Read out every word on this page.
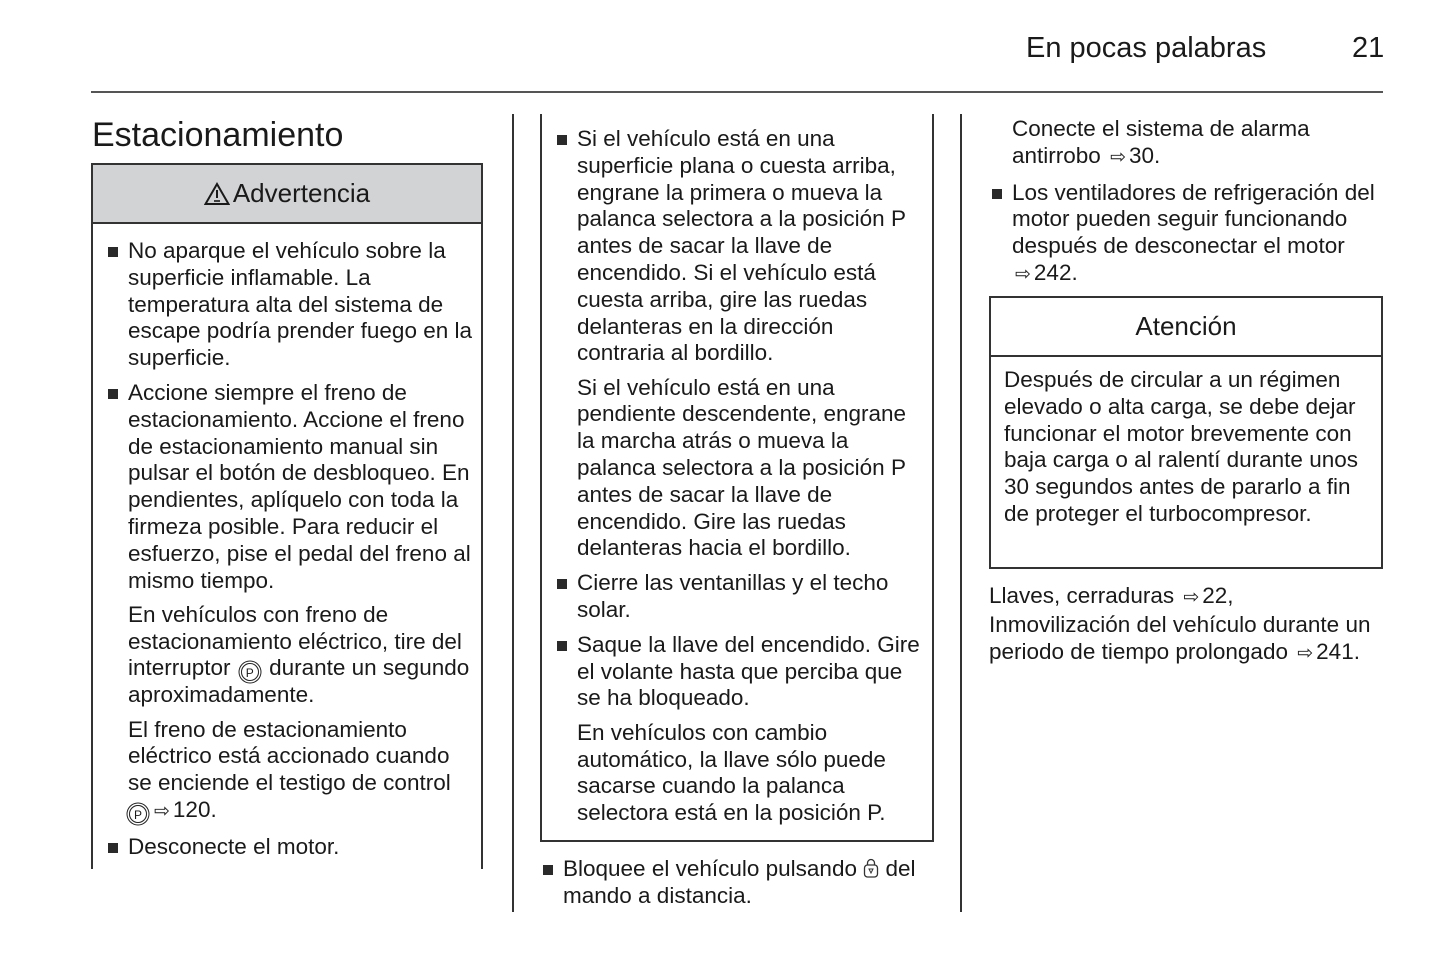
En pocas palabras	21
Estacionamiento
Advertencia

No aparque el vehículo sobre la superficie inflamable. La temperatura alta del sistema de escape podría prender fuego en la superficie.

Accione siempre el freno de estacionamiento. Accione el freno de estacionamiento manual sin pulsar el botón de desbloqueo. En pendientes, aplíquelo con toda la firmeza posible. Para reducir el esfuerzo, pise el pedal del freno al mismo tiempo.

En vehículos con freno de estacionamiento eléctrico, tire del interruptor P durante un segundo aproximadamente.

El freno de estacionamiento eléctrico está accionado cuando se enciende el testigo de control
P ⇨ 120.

Desconecte el motor.

Si el vehículo está en una superficie plana o cuesta arriba, engrane la primera o mueva la palanca selectora a la posición P antes de sacar la llave de encendido. Si el vehículo está cuesta arriba, gire las ruedas delanteras en la dirección contraria al bordillo.

Si el vehículo está en una pendiente descendente, engrane la marcha atrás o mueva la palanca selectora a la posición P antes de sacar la llave de encendido. Gire las ruedas delanteras hacia el bordillo.

Cierre las ventanillas y el techo solar.

Saque la llave del encendido. Gire el volante hasta que perciba que se ha bloqueado.

En vehículos con cambio automático, la llave sólo puede sacarse cuando la palanca selectora está en la posición P.

Bloquee el vehículo pulsando del mando a distancia.

Conecte el sistema de alarma antirrobo ⇨ 30.

Los ventiladores de refrigeración del motor pueden seguir funcionando después de desconectar el motor ⇨ 242.

Atención
Después de circular a un régimen elevado o alta carga, se debe dejar funcionar el motor brevemente con baja carga o al ralentí durante unos 30 segundos antes de pararlo a fin de proteger el turbocompresor.

Llaves, cerraduras ⇨ 22, Inmovilización del vehículo durante un periodo de tiempo prolongado ⇨ 241.
